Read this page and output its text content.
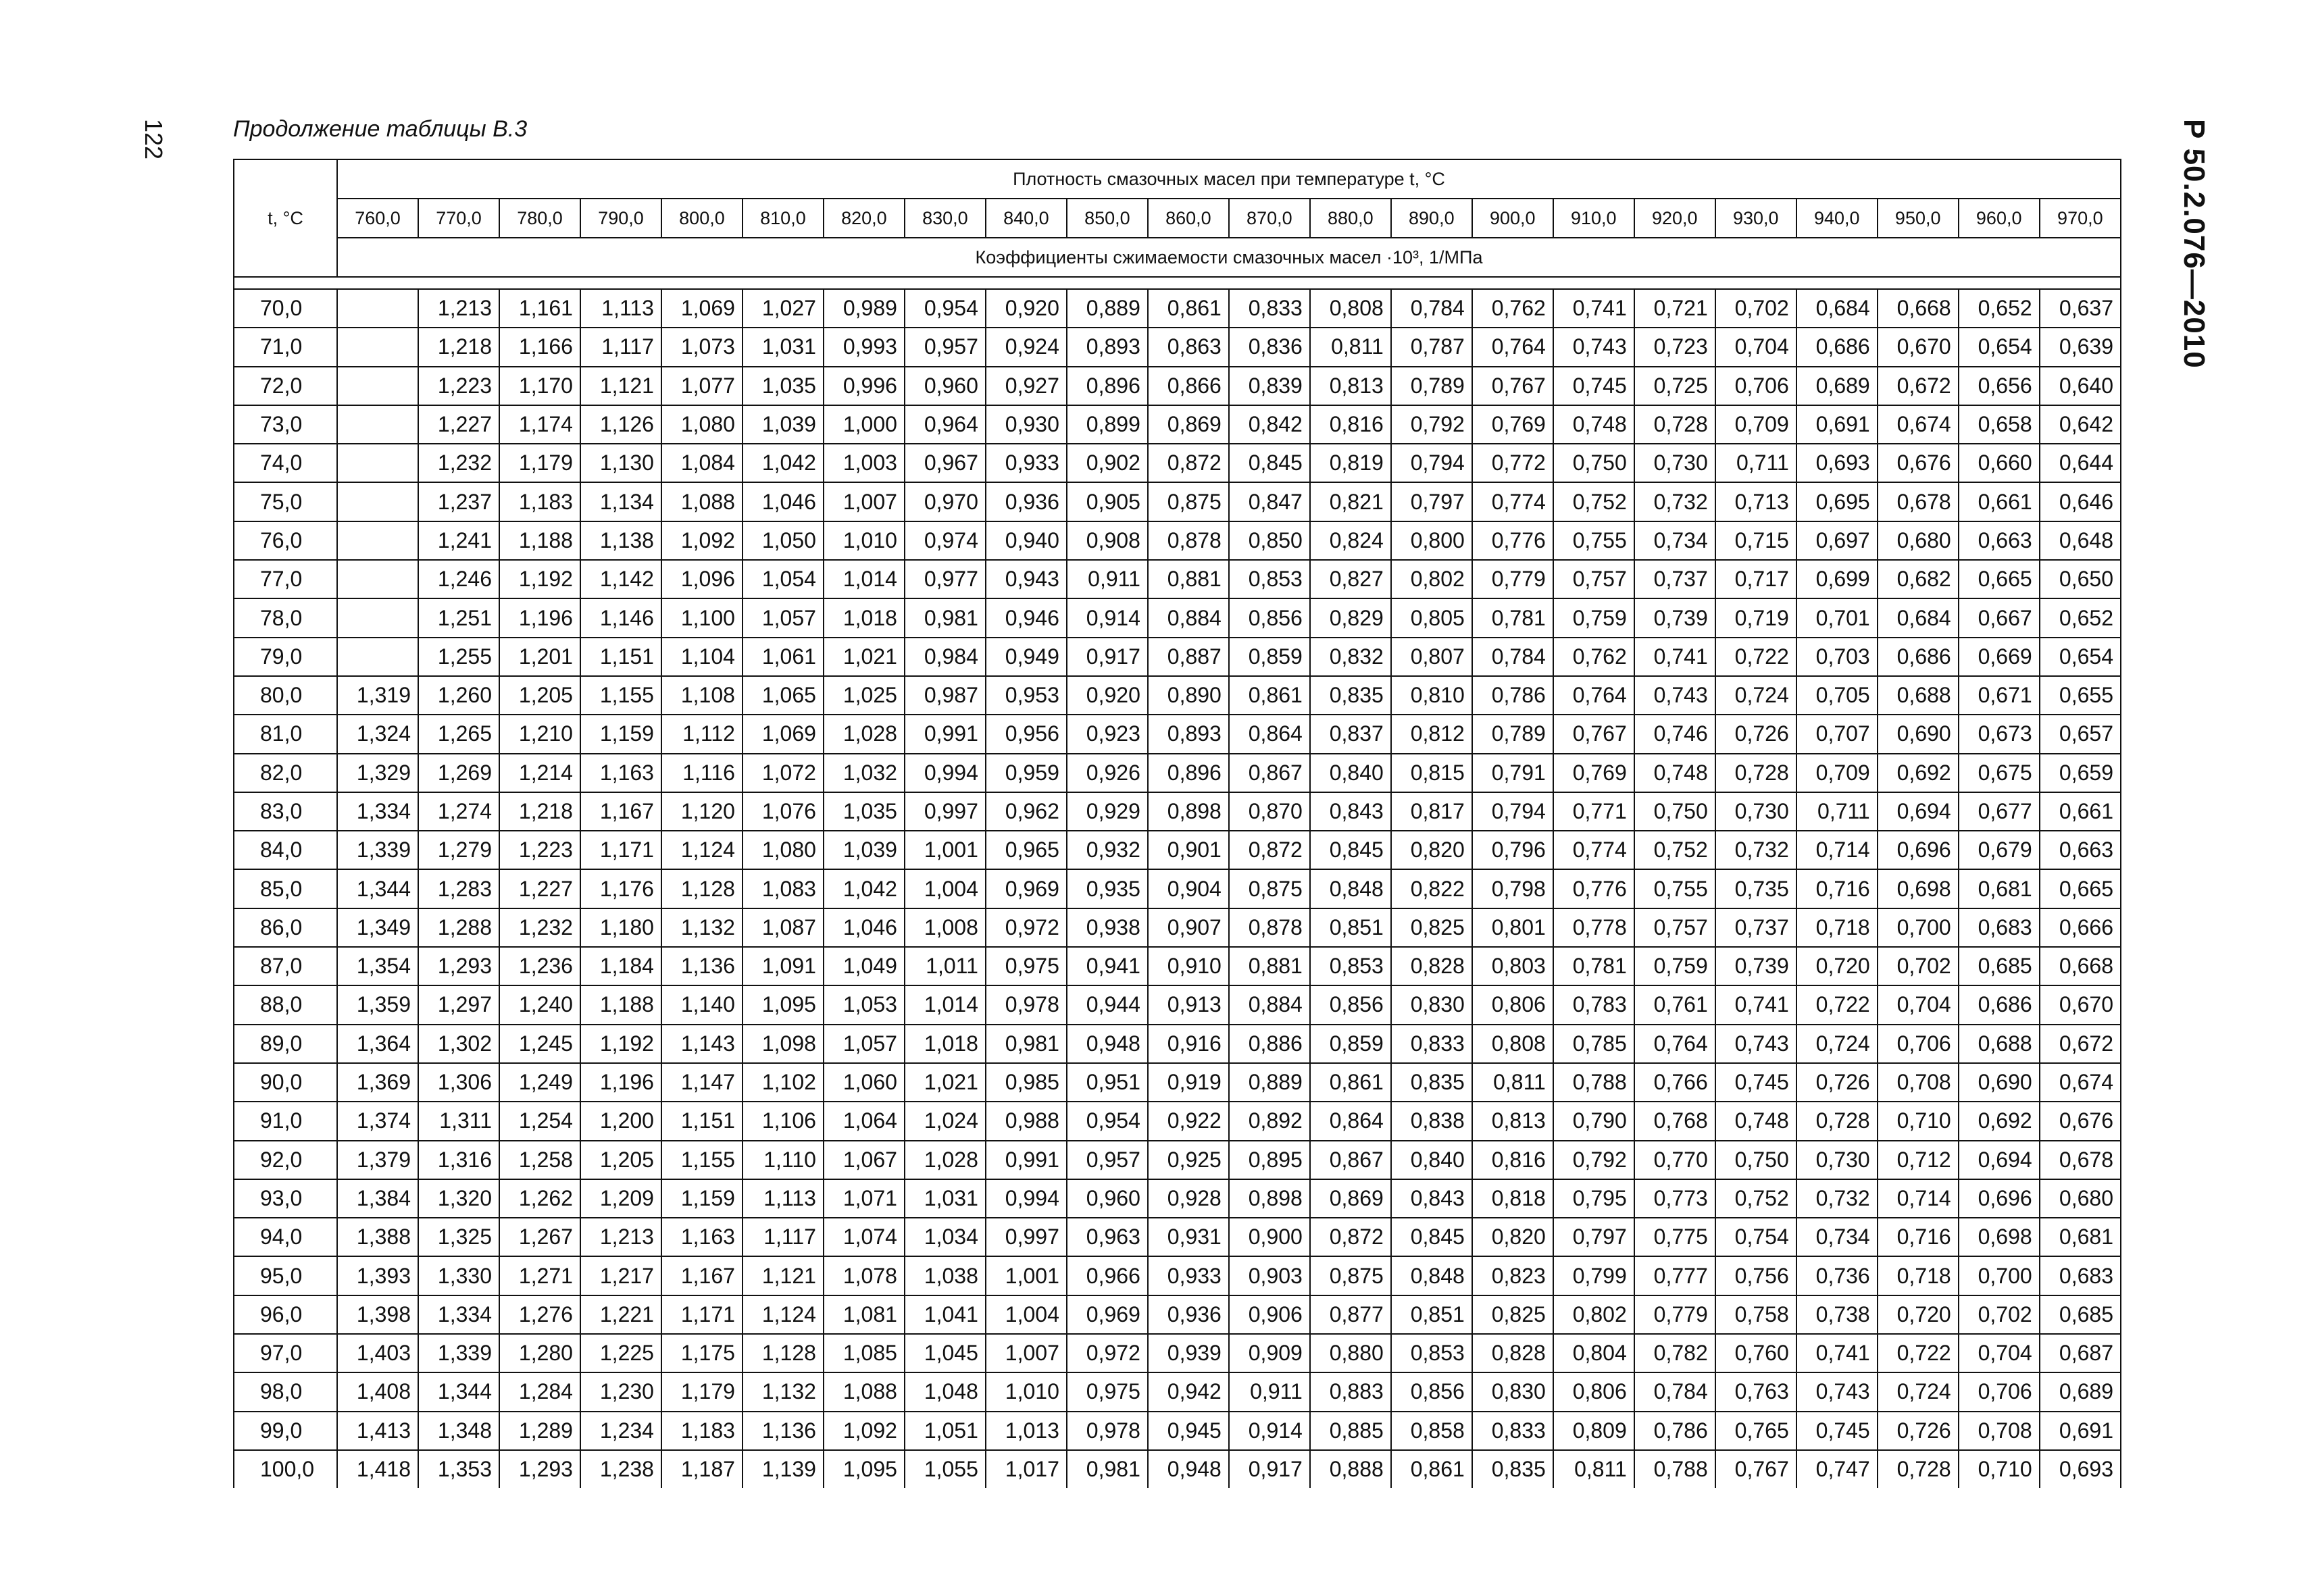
122	Р 50.2.076—2010
Продолжение таблицы В.3
t, °C	Плотность смазочных масел при температуре t, °C																					
	760,0	770,0	780,0	790,0	800,0	810,0	820,0	830,0	840,0	850,0	860,0	870,0	880,0	890,0	900,0	910,0	920,0	930,0	940,0	950,0	960,0	970,0
	Коэффициенты сжимаемости смазочных масел ·10³, 1/МПа																					

70,0		1,213	1,161	1,113	1,069	1,027	0,989	0,954	0,920	0,889	0,861	0,833	0,808	0,784	0,762	0,741	0,721	0,702	0,684	0,668	0,652	0,637
71,0		1,218	1,166	1,117	1,073	1,031	0,993	0,957	0,924	0,893	0,863	0,836	0,811	0,787	0,764	0,743	0,723	0,704	0,686	0,670	0,654	0,639
72,0		1,223	1,170	1,121	1,077	1,035	0,996	0,960	0,927	0,896	0,866	0,839	0,813	0,789	0,767	0,745	0,725	0,706	0,689	0,672	0,656	0,640
73,0		1,227	1,174	1,126	1,080	1,039	1,000	0,964	0,930	0,899	0,869	0,842	0,816	0,792	0,769	0,748	0,728	0,709	0,691	0,674	0,658	0,642
74,0		1,232	1,179	1,130	1,084	1,042	1,003	0,967	0,933	0,902	0,872	0,845	0,819	0,794	0,772	0,750	0,730	0,711	0,693	0,676	0,660	0,644
75,0		1,237	1,183	1,134	1,088	1,046	1,007	0,970	0,936	0,905	0,875	0,847	0,821	0,797	0,774	0,752	0,732	0,713	0,695	0,678	0,661	0,646
76,0		1,241	1,188	1,138	1,092	1,050	1,010	0,974	0,940	0,908	0,878	0,850	0,824	0,800	0,776	0,755	0,734	0,715	0,697	0,680	0,663	0,648
77,0		1,246	1,192	1,142	1,096	1,054	1,014	0,977	0,943	0,911	0,881	0,853	0,827	0,802	0,779	0,757	0,737	0,717	0,699	0,682	0,665	0,650
78,0		1,251	1,196	1,146	1,100	1,057	1,018	0,981	0,946	0,914	0,884	0,856	0,829	0,805	0,781	0,759	0,739	0,719	0,701	0,684	0,667	0,652
79,0		1,255	1,201	1,151	1,104	1,061	1,021	0,984	0,949	0,917	0,887	0,859	0,832	0,807	0,784	0,762	0,741	0,722	0,703	0,686	0,669	0,654
80,0	1,319	1,260	1,205	1,155	1,108	1,065	1,025	0,987	0,953	0,920	0,890	0,861	0,835	0,810	0,786	0,764	0,743	0,724	0,705	0,688	0,671	0,655
81,0	1,324	1,265	1,210	1,159	1,112	1,069	1,028	0,991	0,956	0,923	0,893	0,864	0,837	0,812	0,789	0,767	0,746	0,726	0,707	0,690	0,673	0,657
82,0	1,329	1,269	1,214	1,163	1,116	1,072	1,032	0,994	0,959	0,926	0,896	0,867	0,840	0,815	0,791	0,769	0,748	0,728	0,709	0,692	0,675	0,659
83,0	1,334	1,274	1,218	1,167	1,120	1,076	1,035	0,997	0,962	0,929	0,898	0,870	0,843	0,817	0,794	0,771	0,750	0,730	0,711	0,694	0,677	0,661
84,0	1,339	1,279	1,223	1,171	1,124	1,080	1,039	1,001	0,965	0,932	0,901	0,872	0,845	0,820	0,796	0,774	0,752	0,732	0,714	0,696	0,679	0,663
85,0	1,344	1,283	1,227	1,176	1,128	1,083	1,042	1,004	0,969	0,935	0,904	0,875	0,848	0,822	0,798	0,776	0,755	0,735	0,716	0,698	0,681	0,665
86,0	1,349	1,288	1,232	1,180	1,132	1,087	1,046	1,008	0,972	0,938	0,907	0,878	0,851	0,825	0,801	0,778	0,757	0,737	0,718	0,700	0,683	0,666
87,0	1,354	1,293	1,236	1,184	1,136	1,091	1,049	1,011	0,975	0,941	0,910	0,881	0,853	0,828	0,803	0,781	0,759	0,739	0,720	0,702	0,685	0,668
88,0	1,359	1,297	1,240	1,188	1,140	1,095	1,053	1,014	0,978	0,944	0,913	0,884	0,856	0,830	0,806	0,783	0,761	0,741	0,722	0,704	0,686	0,670
89,0	1,364	1,302	1,245	1,192	1,143	1,098	1,057	1,018	0,981	0,948	0,916	0,886	0,859	0,833	0,808	0,785	0,764	0,743	0,724	0,706	0,688	0,672
90,0	1,369	1,306	1,249	1,196	1,147	1,102	1,060	1,021	0,985	0,951	0,919	0,889	0,861	0,835	0,811	0,788	0,766	0,745	0,726	0,708	0,690	0,674
91,0	1,374	1,311	1,254	1,200	1,151	1,106	1,064	1,024	0,988	0,954	0,922	0,892	0,864	0,838	0,813	0,790	0,768	0,748	0,728	0,710	0,692	0,676
92,0	1,379	1,316	1,258	1,205	1,155	1,110	1,067	1,028	0,991	0,957	0,925	0,895	0,867	0,840	0,816	0,792	0,770	0,750	0,730	0,712	0,694	0,678
93,0	1,384	1,320	1,262	1,209	1,159	1,113	1,071	1,031	0,994	0,960	0,928	0,898	0,869	0,843	0,818	0,795	0,773	0,752	0,732	0,714	0,696	0,680
94,0	1,388	1,325	1,267	1,213	1,163	1,117	1,074	1,034	0,997	0,963	0,931	0,900	0,872	0,845	0,820	0,797	0,775	0,754	0,734	0,716	0,698	0,681
95,0	1,393	1,330	1,271	1,217	1,167	1,121	1,078	1,038	1,001	0,966	0,933	0,903	0,875	0,848	0,823	0,799	0,777	0,756	0,736	0,718	0,700	0,683
96,0	1,398	1,334	1,276	1,221	1,171	1,124	1,081	1,041	1,004	0,969	0,936	0,906	0,877	0,851	0,825	0,802	0,779	0,758	0,738	0,720	0,702	0,685
97,0	1,403	1,339	1,280	1,225	1,175	1,128	1,085	1,045	1,007	0,972	0,939	0,909	0,880	0,853	0,828	0,804	0,782	0,760	0,741	0,722	0,704	0,687
98,0	1,408	1,344	1,284	1,230	1,179	1,132	1,088	1,048	1,010	0,975	0,942	0,911	0,883	0,856	0,830	0,806	0,784	0,763	0,743	0,724	0,706	0,689
99,0	1,413	1,348	1,289	1,234	1,183	1,136	1,092	1,051	1,013	0,978	0,945	0,914	0,885	0,858	0,833	0,809	0,786	0,765	0,745	0,726	0,708	0,691
100,0	1,418	1,353	1,293	1,238	1,187	1,139	1,095	1,055	1,017	0,981	0,948	0,917	0,888	0,861	0,835	0,811	0,788	0,767	0,747	0,728	0,710	0,693
